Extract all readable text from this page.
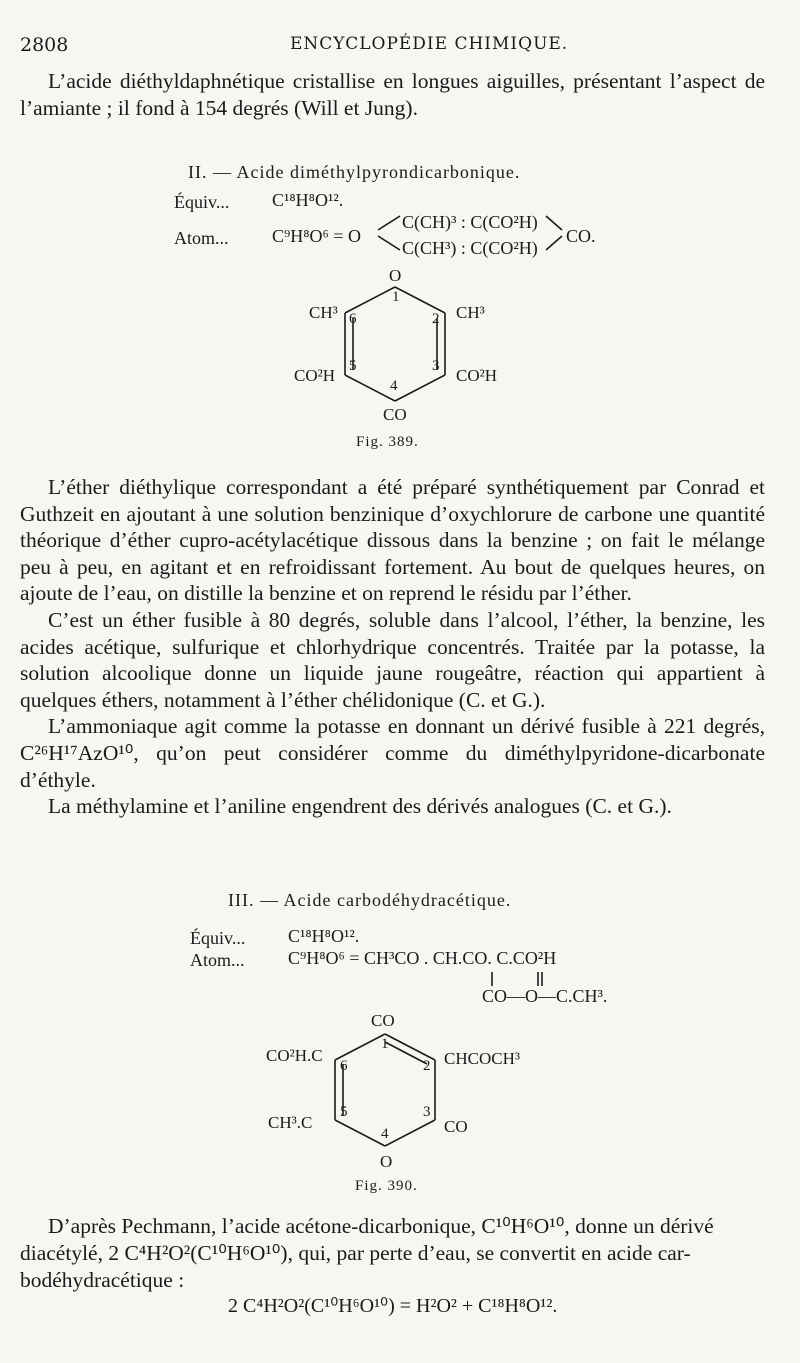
2808	ENCYCLOPÉDIE CHIMIQUE.

L’acide diéthyldaphnétique cristallise en longues aiguilles, présentant l’aspect de l’amiante ; il fond à 154 degrés (Will et Jung).

II. — Acide diméthylpyrondicarbonique.
Équiv... C¹⁸H⁸O¹².
Atom... C⁹H⁸O⁶ = O
C(CH)³ : C(CO²H)
C(CH³) : C(CO²H)
CO.
O
CH³	CH³
CO²H	CO²H
CO
1
2
3
4
5
6
Fig. 389.

L’éther diéthylique correspondant a été préparé synthétiquement par Conrad et Guthzeit en ajoutant à une solution benzinique d’oxychlorure de carbone une quantité théorique d’éther cupro-acétylacétique dissous dans la benzine ; on fait le mélange peu à peu, en agitant et en refroidissant fortement. Au bout de quelques heures, on ajoute de l’eau, on distille la benzine et on reprend le résidu par l’éther.

C’est un éther fusible à 80 degrés, soluble dans l’alcool, l’éther, la benzine, les acides acétique, sulfurique et chlorhydrique concentrés. Traitée par la potasse, la solution alcoolique donne un liquide jaune rougeâtre, réaction qui appartient à quelques éthers, notamment à l’éther chélidonique (C. et G.).

L’ammoniaque agit comme la potasse en donnant un dérivé fusible à 221 degrés, C²⁶H¹⁷AzO¹⁰, qu’on peut considérer comme du diméthylpyridone-dicarbonate d’éthyle.

La méthylamine et l’aniline engendrent des dérivés analogues (C. et G.).

III. — Acide carbodéhydracétique.
Équiv... C¹⁸H⁸O¹².
Atom... C⁹H⁸O⁶ = CH³CO . CH.CO. C.CO²H
CO—O—C.CH³.
CO
CO²H.C	CHCOCH³
CH³.C	CO
O
1
2
3
4
5
6
Fig. 390.
D’après Pechmann, l’acide acétone-dicarbonique, C¹⁰H⁶O¹⁰, donne un dérivé
diacétylé, 2 C⁴H²O²(C¹⁰H⁶O¹⁰), qui, par perte d’eau, se convertit en acide car-
bodéhydracétique :
2 C⁴H²O²(C¹⁰H⁶O¹⁰) = H²O² + C¹⁸H⁸O¹².
